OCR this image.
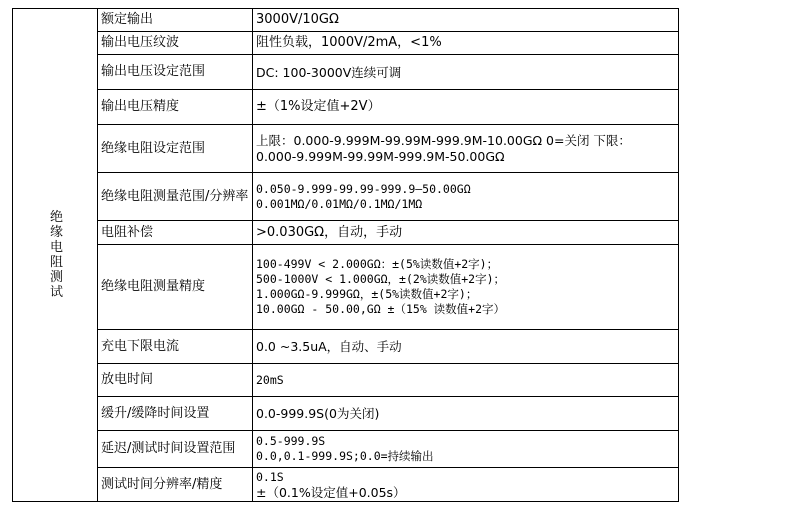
绝缘电阻测试	额定输出	3000V/10GΩ

	输出电压纹波	阻性负载，1000V/2mA，<1%

	输出电压设定范围	DC: 100-3000V连续可调

	输出电压精度	±（1%设定值+2V）

	绝缘电阻设定范围	上限：0.000-9.999M-99.99M-999.9M-10.00GΩ 0=关闭 下限：
0.000-9.999M-99.99M-999.9M-50.00GΩ

	绝缘电阻测量范围/分辨率	0.050-9.999-99.99-999.9—50.00GΩ
0.001MΩ/0.01MΩ/0.1MΩ/1MΩ

	电阻补偿	>0.030GΩ，自动，手动

	绝缘电阻测量精度	100-499V < 2.000GΩ：±(5%读数值+2字)；
500-1000V < 1.000GΩ，±(2%读数值+2字)；
1.000GΩ-9.999GΩ，±(5%读数值+2字)；
10.00GΩ - 50.00,GΩ ±（15% 读数值+2字）

	充电下限电流	0.0 ~3.5uA，自动、手动

	放电时间	20mS

	缓升/缓降时间设置	0.0-999.9S(0为关闭)

	延迟/测试时间设置范围	0.5-999.9S
0.0,0.1-999.9S;0.0=持续输出

	测试时间分辨率/精度	0.1S
±（0.1%设定值+0.05s）
